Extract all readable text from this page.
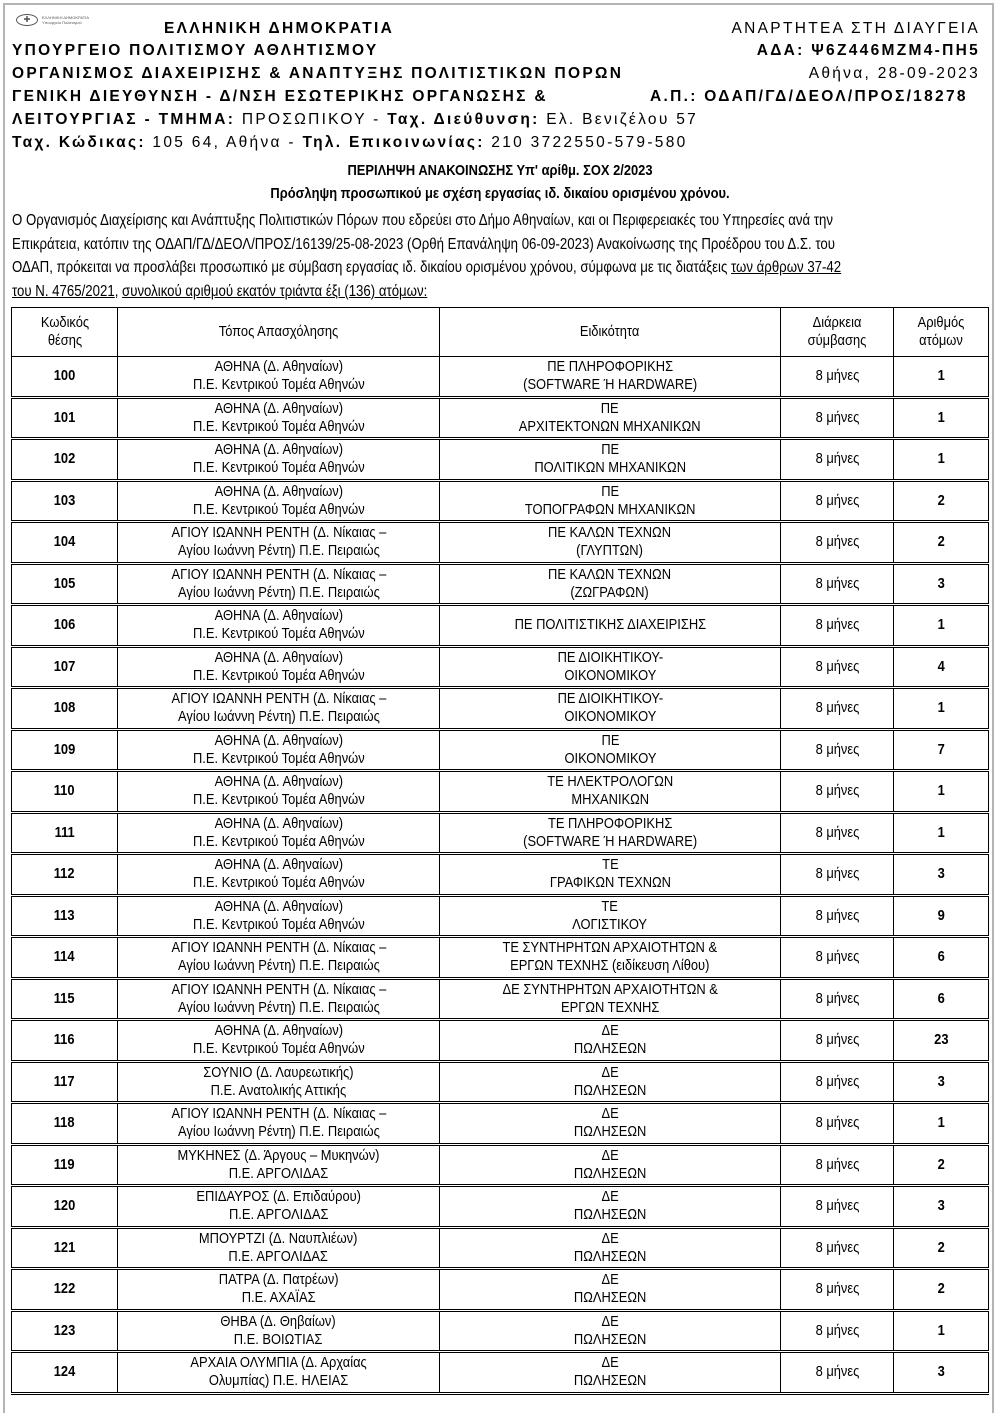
✚	ΕΛΛΗΝΙΚΗ ΔΗΜΟΚΡΑΤΙΑ
Υπουργείο Πολιτισμού	ΕΛΛΗΝΙΚΗ ΔΗΜΟΚΡΑΤΙΑ
ΥΠΟΥΡΓΕΙΟ ΠΟΛΙΤΙΣΜΟΥ ΑΘΛΗΤΙΣΜΟΥ
ΟΡΓΑΝΙΣΜΟΣ ΔΙΑΧΕΙΡΙΣΗΣ & ΑΝΑΠΤΥΞΗΣ ΠΟΛΙΤΙΣΤΙΚΩΝ ΠΟΡΩΝ
ΓΕΝΙΚΗ ΔΙΕΥΘΥΝΣΗ - Δ/ΝΣΗ ΕΣΩΤΕΡΙΚΗΣ ΟΡΓΑΝΩΣΗΣ &
ΛΕΙΤΟΥΡΓΙΑΣ - ΤΜΗΜΑ: ΠΡΟΣΩΠΙΚΟΥ - Ταχ. Διεύθυνση: Ελ. Βενιζέλου 57
Ταχ. Κώδικας: 105 64, Αθήνα - Τηλ. Επικοινωνίας: 210 3722550-579-580
ΑΝΑΡΤΗΤΕΑ ΣΤΗ ΔΙΑΥΓΕΙΑ
ΑΔΑ: Ψ6Ζ446ΜΖΜ4-ΠΗ5
Αθήνα, 28-09-2023
Α.Π.: ΟΔΑΠ/ΓΔ/ΔΕΟΛ/ΠΡΟΣ/18278
ΠΕΡΙΛΗΨΗ ΑΝΑΚΟΙΝΩΣΗΣ Υπ' αρίθμ. ΣΟΧ 2/2023
Πρόσληψη προσωπικού με σχέση εργασίας ιδ. δικαίου ορισμένου χρόνου.
Ο Οργανισμός Διαχείρισης και Ανάπτυξης Πολιτιστικών Πόρων που εδρεύει στο Δήμο Αθηναίων, και οι Περιφερειακές του Υπηρεσίες ανά την
Επικράτεια, κατόπιν της ΟΔΑΠ/ΓΔ/ΔΕΟΛ/ΠΡΟΣ/16139/25-08-2023 (Ορθή Επανάληψη 06-09-2023) Ανακοίνωσης της Προέδρου του Δ.Σ. του
ΟΔΑΠ, πρόκειται να προσλάβει προσωπικό με σύμβαση εργασίας ιδ. δικαίου ορισμένου χρόνου, σύμφωνα με τις διατάξεις των άρθρων 37-42
του Ν. 4765/2021, συνολικού αριθμού εκατόν τριάντα έξι (136) ατόμων:
Κωδικός θέσης	Τόπος Απασχόλησης	Ειδικότητα	Διάρκεια σύμβασης	Αριθμός ατόμων
100	ΑΘΗΝΑ (Δ. Αθηναίων)
Π.Ε. Κεντρικού Τομέα Αθηνών	ΠΕ ΠΛΗΡΟΦΟΡΙΚΗΣ
(SOFTWARE Ή HARDWARE)	8 μήνες	1
101	ΑΘΗΝΑ (Δ. Αθηναίων)
Π.Ε. Κεντρικού Τομέα Αθηνών	ΠΕ
ΑΡΧΙΤΕΚΤΟΝΩΝ ΜΗΧΑΝΙΚΩΝ	8 μήνες	1
102	ΑΘΗΝΑ (Δ. Αθηναίων)
Π.Ε. Κεντρικού Τομέα Αθηνών	ΠΕ
ΠΟΛΙΤΙΚΩΝ ΜΗΧΑΝΙΚΩΝ	8 μήνες	1
103	ΑΘΗΝΑ (Δ. Αθηναίων)
Π.Ε. Κεντρικού Τομέα Αθηνών	ΠΕ
ΤΟΠΟΓΡΑΦΩΝ ΜΗΧΑΝΙΚΩΝ	8 μήνες	2
104	ΑΓΙΟΥ ΙΩΑΝΝΗ ΡΕΝΤΗ (Δ. Νίκαιας –
Αγίου Ιωάννη Ρέντη) Π.Ε. Πειραιώς	ΠΕ ΚΑΛΩΝ ΤΕΧΝΩΝ
(ΓΛΥΠΤΩΝ)	8 μήνες	2
105	ΑΓΙΟΥ ΙΩΑΝΝΗ ΡΕΝΤΗ (Δ. Νίκαιας –
Αγίου Ιωάννη Ρέντη) Π.Ε. Πειραιώς	ΠΕ ΚΑΛΩΝ ΤΕΧΝΩΝ
(ΖΩΓΡΑΦΩΝ)	8 μήνες	3
106	ΑΘΗΝΑ (Δ. Αθηναίων)
Π.Ε. Κεντρικού Τομέα Αθηνών	ΠΕ ΠΟΛΙΤΙΣΤΙΚΗΣ ΔΙΑΧΕΙΡΙΣΗΣ	8 μήνες	1
107	ΑΘΗΝΑ (Δ. Αθηναίων)
Π.Ε. Κεντρικού Τομέα Αθηνών	ΠΕ ΔΙΟΙΚΗΤΙΚΟΥ-
ΟΙΚΟΝΟΜΙΚΟΥ	8 μήνες	4
108	ΑΓΙΟΥ ΙΩΑΝΝΗ ΡΕΝΤΗ (Δ. Νίκαιας –
Αγίου Ιωάννη Ρέντη) Π.Ε. Πειραιώς	ΠΕ ΔΙΟΙΚΗΤΙΚΟΥ-
ΟΙΚΟΝΟΜΙΚΟΥ	8 μήνες	1
109	ΑΘΗΝΑ (Δ. Αθηναίων)
Π.Ε. Κεντρικού Τομέα Αθηνών	ΠΕ
ΟΙΚΟΝΟΜΙΚΟΥ	8 μήνες	7
110	ΑΘΗΝΑ (Δ. Αθηναίων)
Π.Ε. Κεντρικού Τομέα Αθηνών	ΤΕ ΗΛΕΚΤΡΟΛΟΓΩΝ
ΜΗΧΑΝΙΚΩΝ	8 μήνες	1
111	ΑΘΗΝΑ (Δ. Αθηναίων)
Π.Ε. Κεντρικού Τομέα Αθηνών	ΤΕ ΠΛΗΡΟΦΟΡΙΚΗΣ
(SOFTWARE Ή HARDWARE)	8 μήνες	1
112	ΑΘΗΝΑ (Δ. Αθηναίων)
Π.Ε. Κεντρικού Τομέα Αθηνών	ΤΕ
ΓΡΑΦΙΚΩΝ ΤΕΧΝΩΝ	8 μήνες	3
113	ΑΘΗΝΑ (Δ. Αθηναίων)
Π.Ε. Κεντρικού Τομέα Αθηνών	ΤΕ
ΛΟΓΙΣΤΙΚΟΥ	8 μήνες	9
114	ΑΓΙΟΥ ΙΩΑΝΝΗ ΡΕΝΤΗ (Δ. Νίκαιας –
Αγίου Ιωάννη Ρέντη) Π.Ε. Πειραιώς	ΤΕ ΣΥΝΤΗΡΗΤΩΝ ΑΡΧΑΙΟΤΗΤΩΝ &
ΕΡΓΩΝ ΤΕΧΝΗΣ (ειδίκευση Λίθου)	8 μήνες	6
115	ΑΓΙΟΥ ΙΩΑΝΝΗ ΡΕΝΤΗ (Δ. Νίκαιας –
Αγίου Ιωάννη Ρέντη) Π.Ε. Πειραιώς	ΔΕ ΣΥΝΤΗΡΗΤΩΝ ΑΡΧΑΙΟΤΗΤΩΝ &
ΕΡΓΩΝ ΤΕΧΝΗΣ	8 μήνες	6
116	ΑΘΗΝΑ (Δ. Αθηναίων)
Π.Ε. Κεντρικού Τομέα Αθηνών	ΔΕ
ΠΩΛΗΣΕΩΝ	8 μήνες	23
117	ΣΟΥΝΙΟ (Δ. Λαυρεωτικής)
Π.Ε. Ανατολικής Αττικής	ΔΕ
ΠΩΛΗΣΕΩΝ	8 μήνες	3
118	ΑΓΙΟΥ ΙΩΑΝΝΗ ΡΕΝΤΗ (Δ. Νίκαιας –
Αγίου Ιωάννη Ρέντη) Π.Ε. Πειραιώς	ΔΕ
ΠΩΛΗΣΕΩΝ	8 μήνες	1
119	ΜΥΚΗΝΕΣ (Δ. Άργους – Μυκηνών)
Π.Ε. ΑΡΓΟΛΙΔΑΣ	ΔΕ
ΠΩΛΗΣΕΩΝ	8 μήνες	2
120	ΕΠΙΔΑΥΡΟΣ (Δ. Επιδαύρου)
Π.Ε. ΑΡΓΟΛΙΔΑΣ	ΔΕ
ΠΩΛΗΣΕΩΝ	8 μήνες	3
121	ΜΠΟΥΡΤΖΙ (Δ. Ναυπλιέων)
Π.Ε. ΑΡΓΟΛΙΔΑΣ	ΔΕ
ΠΩΛΗΣΕΩΝ	8 μήνες	2
122	ΠΑΤΡΑ (Δ. Πατρέων)
Π.Ε. ΑΧΑΪΑΣ	ΔΕ
ΠΩΛΗΣΕΩΝ	8 μήνες	2
123	ΘΗΒΑ (Δ. Θηβαίων)
Π.Ε. ΒΟΙΩΤΙΑΣ	ΔΕ
ΠΩΛΗΣΕΩΝ	8 μήνες	1
124	ΑΡΧΑΙΑ ΟΛΥΜΠΙΑ (Δ. Αρχαίας
Ολυμπίας) Π.Ε. ΗΛΕΙΑΣ	ΔΕ
ΠΩΛΗΣΕΩΝ	8 μήνες	3
